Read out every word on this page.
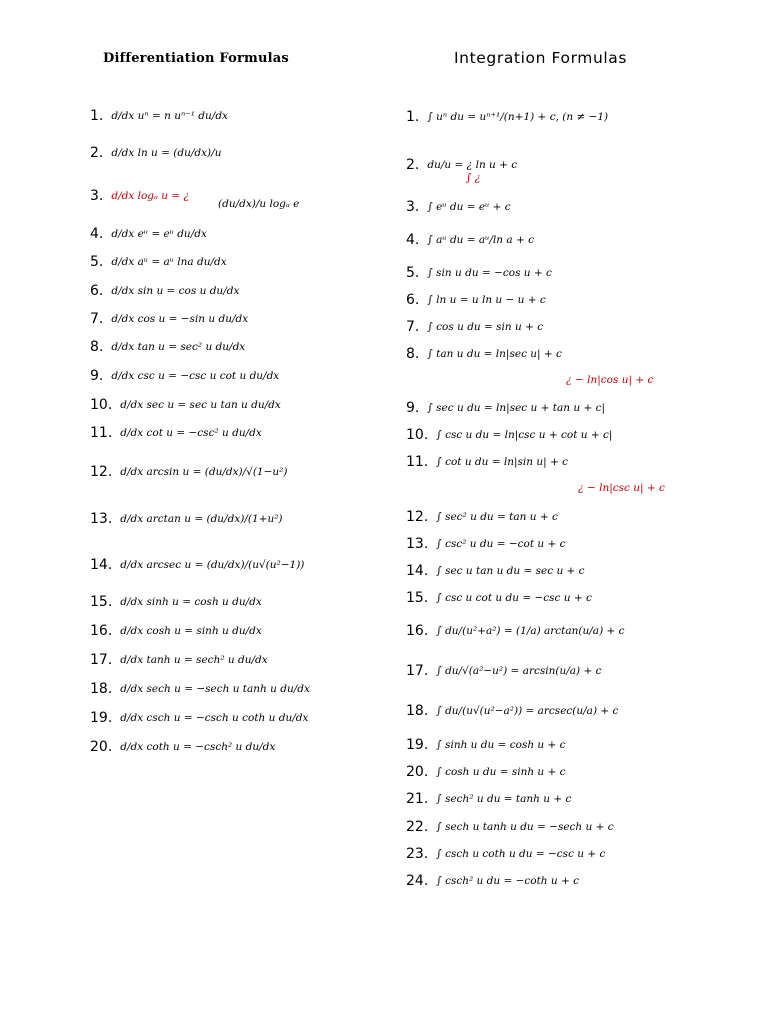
Differentiation Formulas	Integration Formulas
1. d/dx uⁿ = n uⁿ⁻¹ du/dx
2. d/dx ln u = (du/dx)/u
3. d/dx logₐ u = ¿
(du/dx)/u logₐ e
4. d/dx eᵘ = eᵘ du/dx
5. d/dx aᵘ = aᵘ lna du/dx
6. d/dx sin u = cos u du/dx
7. d/dx cos u = −sin u du/dx
8. d/dx tan u = sec² u du/dx
9. d/dx csc u = −csc u cot u du/dx
10. d/dx sec u = sec u tan u du/dx
11. d/dx cot u = −csc² u du/dx
12. d/dx arcsin u = (du/dx)/√(1−u²)
13. d/dx arctan u = (du/dx)/(1+u²)
14. d/dx arcsec u = (du/dx)/(u√(u²−1))
15. d/dx sinh u = cosh u du/dx
16. d/dx cosh u = sinh u du/dx
17. d/dx tanh u = sech² u du/dx
18. d/dx sech u = −sech u tanh u du/dx
19. d/dx csch u = −csch u coth u du/dx
20. d/dx coth u = −csch² u du/dx
1. ∫ uⁿ du = uⁿ⁺¹/(n+1) + c, (n ≠ −1)
2. du/u = ¿ ln u + c
∫ ¿
3. ∫ eᵘ du = eᵘ + c
4. ∫ aᵘ du = aᵘ/ln a + c
5. ∫ sin u du = −cos u + c
6. ∫ ln u = u ln u − u + c
7. ∫ cos u du = sin u + c
8. ∫ tan u du = ln|sec u| + c
¿ − ln|cos u| + c
9. ∫ sec u du = ln|sec u + tan u + c|
10. ∫ csc u du = ln|csc u + cot u + c|
11. ∫ cot u du = ln|sin u| + c
¿ − ln|csc u| + c
12. ∫ sec² u du = tan u + c
13. ∫ csc² u du = −cot u + c
14. ∫ sec u tan u du = sec u + c
15. ∫ csc u cot u du = −csc u + c
16. ∫ du/(u²+a²) = (1/a) arctan(u/a) + c
17. ∫ du/√(a²−u²) = arcsin(u/a) + c
18. ∫ du/(u√(u²−a²)) = arcsec(u/a) + c
19. ∫ sinh u du = cosh u + c
20. ∫ cosh u du = sinh u + c
21. ∫ sech² u du = tanh u + c
22. ∫ sech u tanh u du = −sech u + c
23. ∫ csch u coth u du = −csc u + c
24. ∫ csch² u du = −coth u + c
